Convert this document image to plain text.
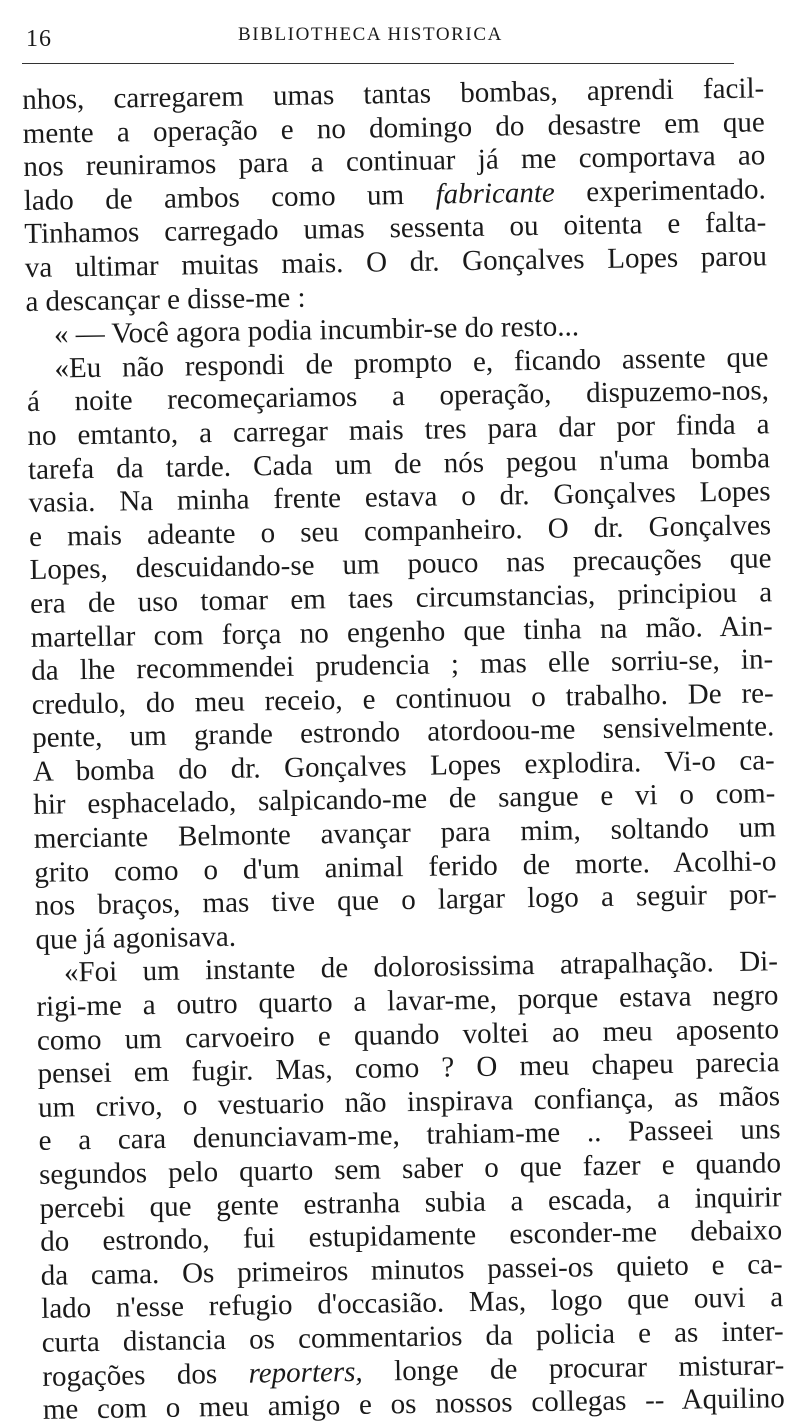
16	BIBLIOTHECA HISTORICA
nhos, carregarem umas tantas bombas, aprendi facil-
mente a operação e no domingo do desastre em que
nos reuniramos para a continuar já me comportava ao
lado de ambos como um fabricante experimentado.
Tinhamos carregado umas sessenta ou oitenta e falta-
va ultimar muitas mais. O dr. Gonçalves Lopes parou
a descançar e disse-me :
« — Você agora podia incumbir-se do resto...
«Eu não respondi de prompto e, ficando assente que
á noite recomeçariamos a operação, dispuzemo-nos,
no emtanto, a carregar mais tres para dar por finda a
tarefa da tarde. Cada um de nós pegou n'uma bomba
vasia. Na minha frente estava o dr. Gonçalves Lopes
e mais adeante o seu companheiro. O dr. Gonçalves
Lopes, descuidando-se um pouco nas precauções que
era de uso tomar em taes circumstancias, principiou a
martellar com força no engenho que tinha na mão. Ain-
da lhe recommendei prudencia ; mas elle sorriu-se, in-
credulo, do meu receio, e continuou o trabalho. De re-
pente, um grande estrondo atordoou-me sensivelmente.
A bomba do dr. Gonçalves Lopes explodira. Vi-o ca-
hir esphacelado, salpicando-me de sangue e vi o com-
merciante Belmonte avançar para mim, soltando um
grito como o d'um animal ferido de morte. Acolhi-o
nos braços, mas tive que o largar logo a seguir por-
que já agonisava.
«Foi um instante de dolorosissima atrapalhação. Di-
rigi-me a outro quarto a lavar-me, porque estava negro
como um carvoeiro e quando voltei ao meu aposento
pensei em fugir. Mas, como ? O meu chapeu parecia
um crivo, o vestuario não inspirava confiança, as mãos
e a cara denunciavam-me, trahiam-me .. Passeei uns
segundos pelo quarto sem saber o que fazer e quando
percebi que gente estranha subia a escada, a inquirir
do estrondo, fui estupidamente esconder-me debaixo
da cama. Os primeiros minutos passei-os quieto e ca-
lado n'esse refugio d'occasião. Mas, logo que ouvi a
curta distancia os commentarios da policia e as inter-
rogações dos reporters, longe de procurar misturar-
me com o meu amigo e os nossos collegas -- Aquilino
